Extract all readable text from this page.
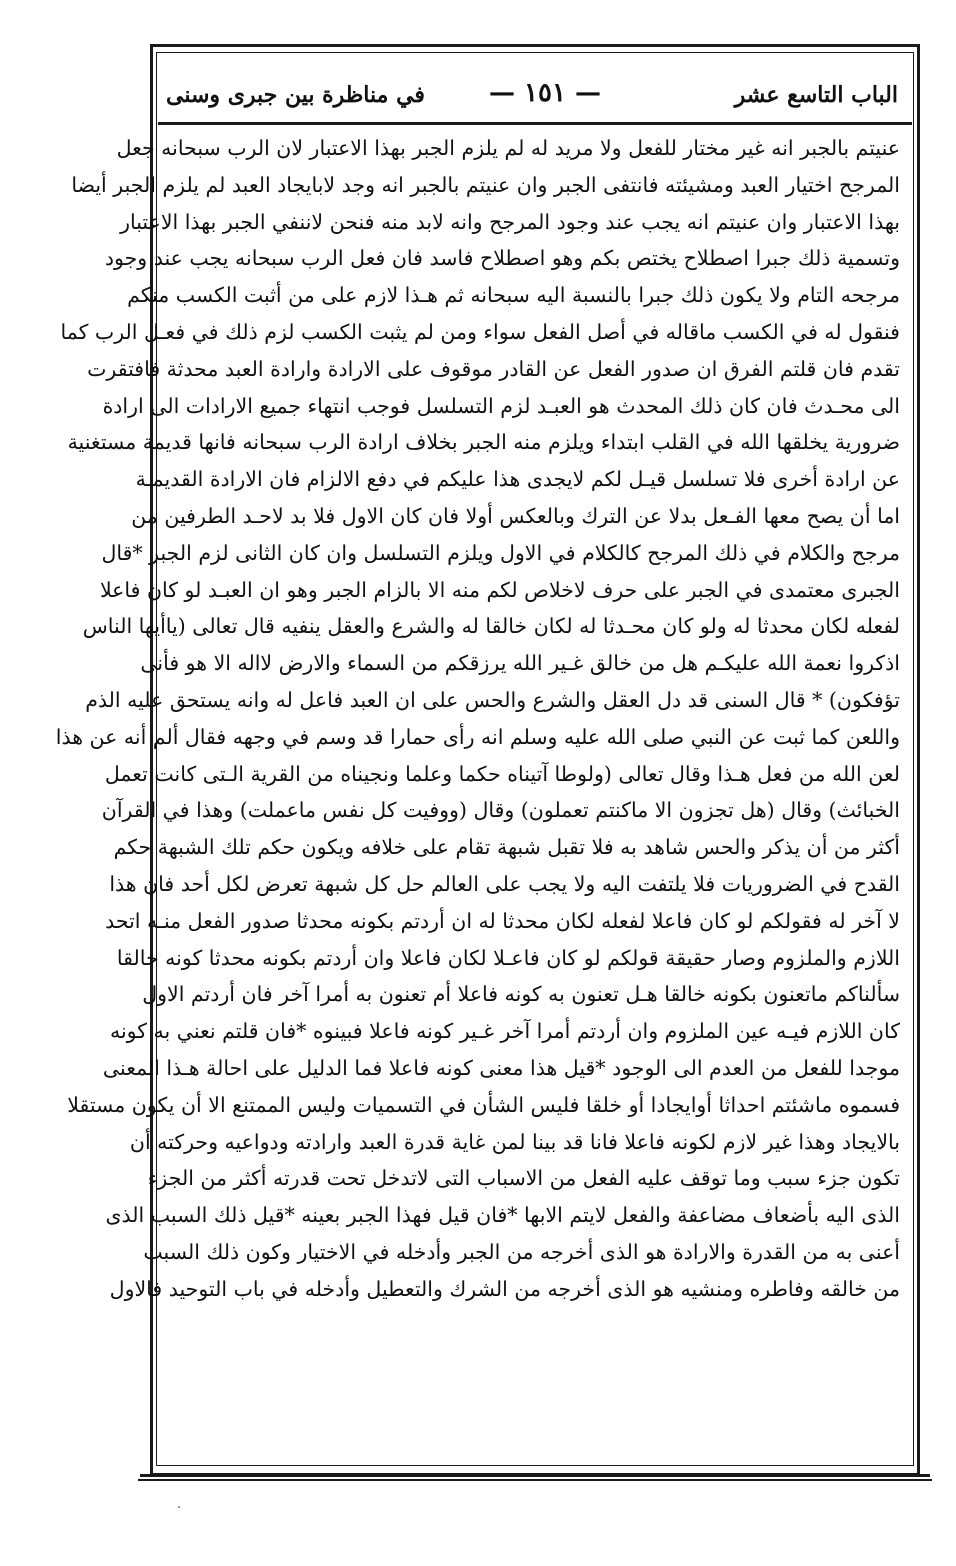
الباب التاسع عشر
— ١٥١ —
في مناظرة بين جبرى وسنى
عنيتم بالجبر انه غير مختار للفعل ولا مريد له لم يلزم الجبر بهذا الاعتبار لان الرب سبحانه جعل
المرجح اختيار العبد ومشيئته فانتفى الجبر وان عنيتم بالجبر انه وجد لابايجاد العبد لم يلزم الجبر أيضا
بهذا الاعتبار وان عنيتم انه يجب عند وجود المرجح وانه لابد منه فنحن لاننفي الجبر بهذا الاعتبار
وتسمية ذلك جبرا اصطلاح يختص بكم وهو اصطلاح فاسد فان فعل الرب سبحانه يجب عند وجود
مرجحه التام ولا يكون ذلك جبرا بالنسبة اليه سبحانه ثم هـذا لازم على من أثبت الكسب منكم
فنقول له في الكسب ماقاله في أصل الفعل سواء ومن لم يثبت الكسب لزم ذلك في فعـل الرب كما
تقدم فان قلتم الفرق ان صدور الفعل عن القادر موقوف على الارادة وارادة العبد محدثة فافتقرت
الى محـدث فان كان ذلك المحدث هو العبـد لزم التسلسل فوجب انتهاء جميع الارادات الى ارادة
ضرورية يخلقها الله في القلب ابتداء ويلزم منه الجبر بخلاف ارادة الرب سبحانه فانها قديمة مستغنية
عن ارادة أخرى فلا تسلسل قيـل لكم لايجدى هذا عليكم في دفع الالزام فان الارادة القديمـة
اما أن يصح معها الفـعل بدلا عن الترك وبالعكس أولا فان كان الاول فلا بد لاحـد الطرفين من
مرجح والكلام في ذلك المرجح كالكلام في الاول ويلزم التسلسل وان كان الثانى لزم الجبر *قال
الجبرى معتمدى في الجبر على حرف لاخلاص لكم منه الا بالزام الجبر وهو ان العبـد لو كان فاعلا
لفعله لكان محدثا له ولو كان محـدثا له لكان خالقا له والشرع والعقل ينفيه قال تعالى (ياأيها الناس
اذكروا نعمة الله عليكـم هل من خالق غـير الله يرزقكم من السماء والارض لااله الا هو فأنى
تؤفكون) * قال السنى قد دل العقل والشرع والحس على ان العبد فاعل له وانه يستحق عليه الذم
واللعن كما ثبت عن النبي صلى الله عليه وسلم انه رأى حمارا قد وسم في وجهه فقال ألم أنه عن هذا
لعن الله من فعل هـذا وقال تعالى (ولوطا آتيناه حكما وعلما ونجيناه من القرية الـتى كانت تعمل
الخبائث) وقال (هل تجزون الا ماكنتم تعملون) وقال (ووفيت كل نفس ماعملت) وهذا في القرآن
أكثر من أن يذكر والحس شاهد به فلا تقبل شبهة تقام على خلافه ويكون حكم تلك الشبهة حكم
القدح في الضروريات فلا يلتفت اليه ولا يجب على العالم حل كل شبهة تعرض لكل أحد فان هذا
لا آخر له فقولكم لو كان فاعلا لفعله لكان محدثا له ان أردتم بكونه محدثا صدور الفعل منـه اتحد
اللازم والملزوم وصار حقيقة قولكم لو كان فاعـلا لكان فاعلا وان أردتم بكونه محدثا كونه خالقا
سألناكم ماتعنون بكونه خالقا هـل تعنون به كونه فاعلا أم تعنون به أمرا آخر فان أردتم الاول
كان اللازم فيـه عين الملزوم وان أردتم أمرا آخر غـير كونه فاعلا فبينوه *فان قلتم نعني به كونه
موجدا للفعل من العدم الى الوجود *قيل هذا معنى كونه فاعلا فما الدليل على احالة هـذا المعنى
فسموه ماشئتم احداثا أوايجادا أو خلقا فليس الشأن في التسميات وليس الممتنع الا أن يكون مستقلا
بالايجاد وهذا غير لازم لكونه فاعلا فانا قد بينا لمن غاية قدرة العبد وارادته ودواعيه وحركته أن
تكون جزء سبب وما توقف عليه الفعل من الاسباب التى لاتدخل تحت قدرته أكثر من الجزء
الذى اليه بأضعاف مضاعفة والفعل لايتم الابها *فان قيل فهذا الجبر بعينه *قيل ذلك السبب الذى
أعنى به من القدرة والارادة هو الذى أخرجه من الجبر وأدخله في الاختيار وكون ذلك السبب
من خالقه وفاطره ومنشيه هو الذى أخرجه من الشرك والتعطيل وأدخله في باب التوحيد فالاول
